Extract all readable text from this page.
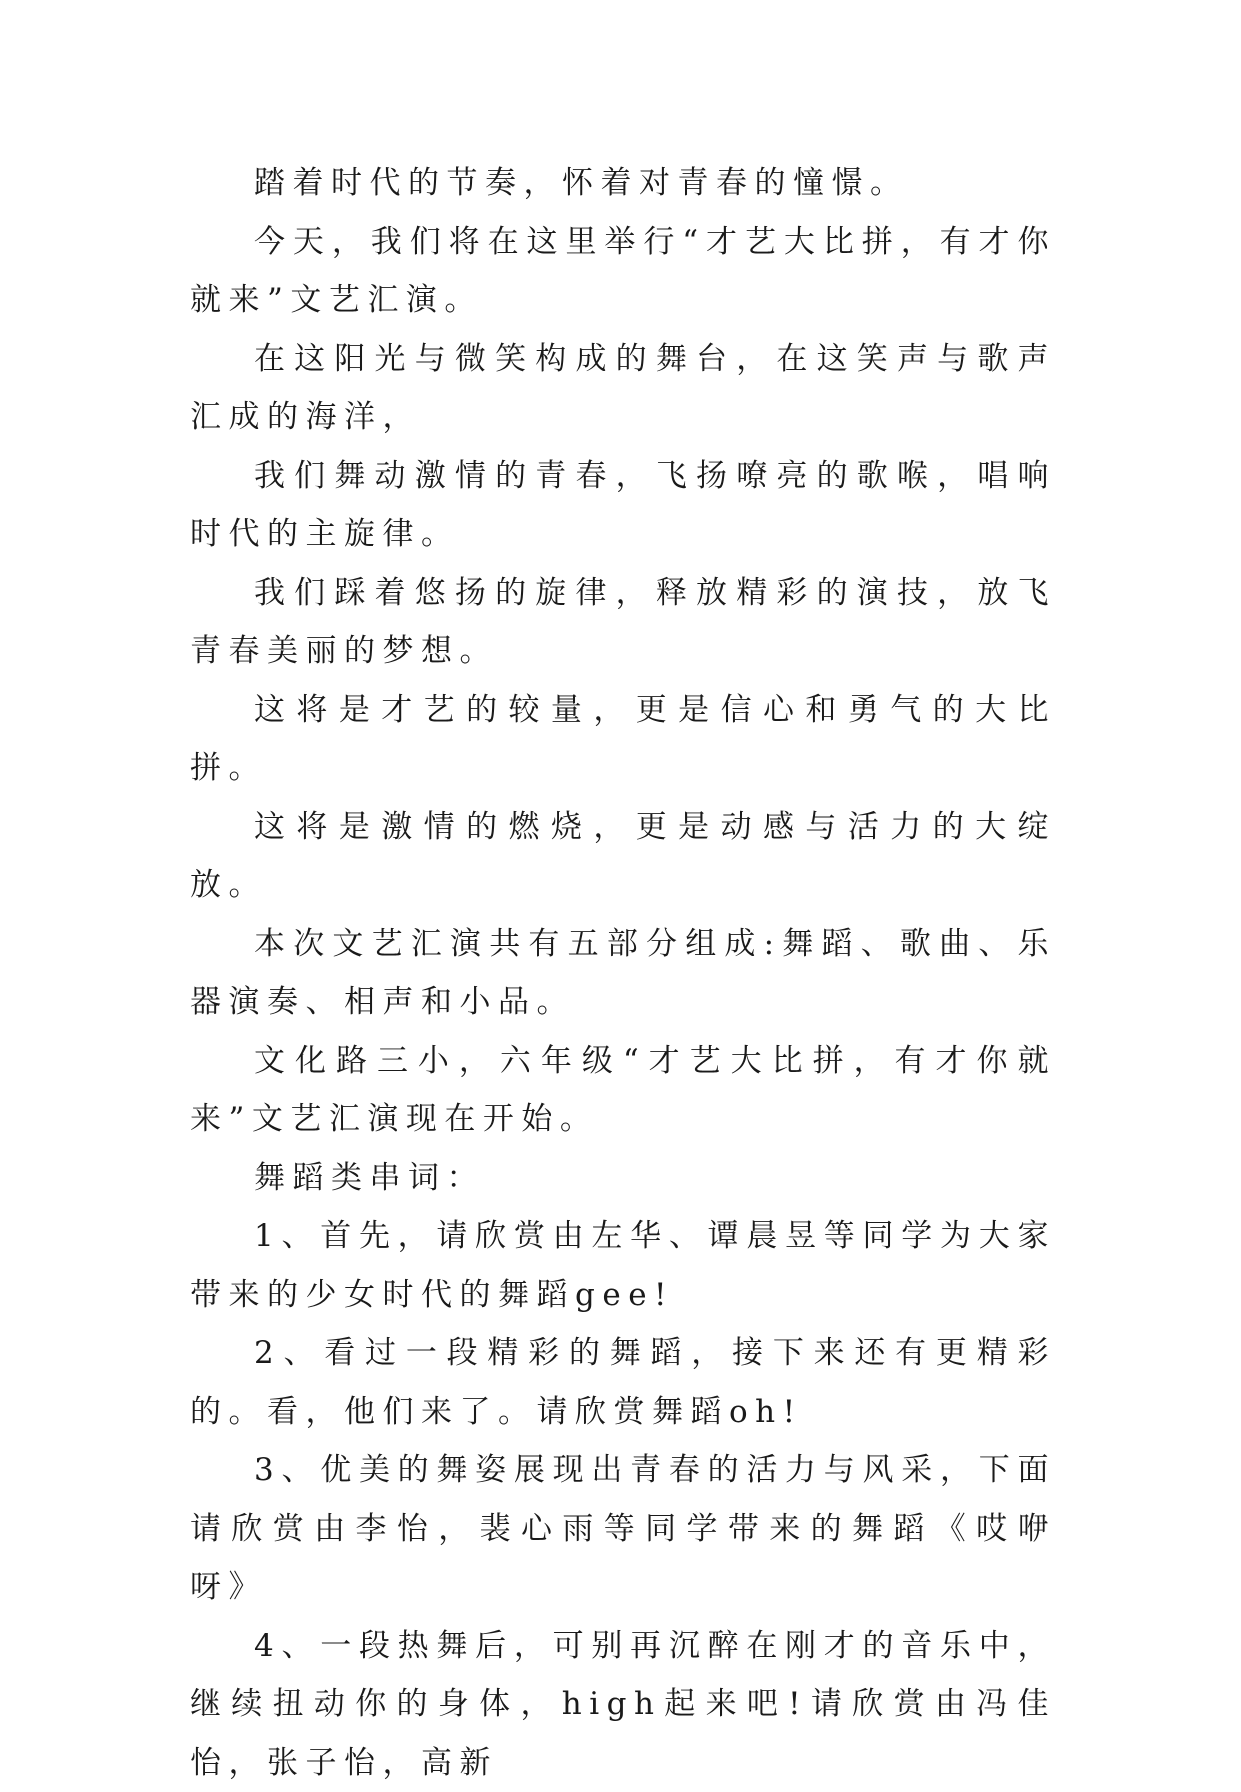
踏着时代的节奏，怀着对青春的憧憬。

今天，我们将在这里举行“才艺大比拼，有才你就来”文艺汇演。

在这阳光与微笑构成的舞台，在这笑声与歌声汇成的海洋，

我们舞动激情的青春，飞扬嘹亮的歌喉，唱响时代的主旋律。

我们踩着悠扬的旋律，释放精彩的演技，放飞青春美丽的梦想。

这将是才艺的较量，更是信心和勇气的大比拼。

这将是激情的燃烧，更是动感与活力的大绽放。

本次文艺汇演共有五部分组成:舞蹈、歌曲、乐器演奏、相声和小品。

文化路三小，六年级“才艺大比拼，有才你就来”文艺汇演现在开始。

舞蹈类串词：

1、首先，请欣赏由左华、谭晨昱等同学为大家带来的少女时代的舞蹈gee!

2、看过一段精彩的舞蹈，接下来还有更精彩的。看，他们来了。请欣赏舞蹈oh!

3、优美的舞姿展现出青春的活力与风采，下面请欣赏由李怡，裴心雨等同学带来的舞蹈《哎咿呀》

4、一段热舞后，可别再沉醉在刚才的音乐中，继续扭动你的身体，high起来吧!请欣赏由冯佳怡，张子怡，高新
